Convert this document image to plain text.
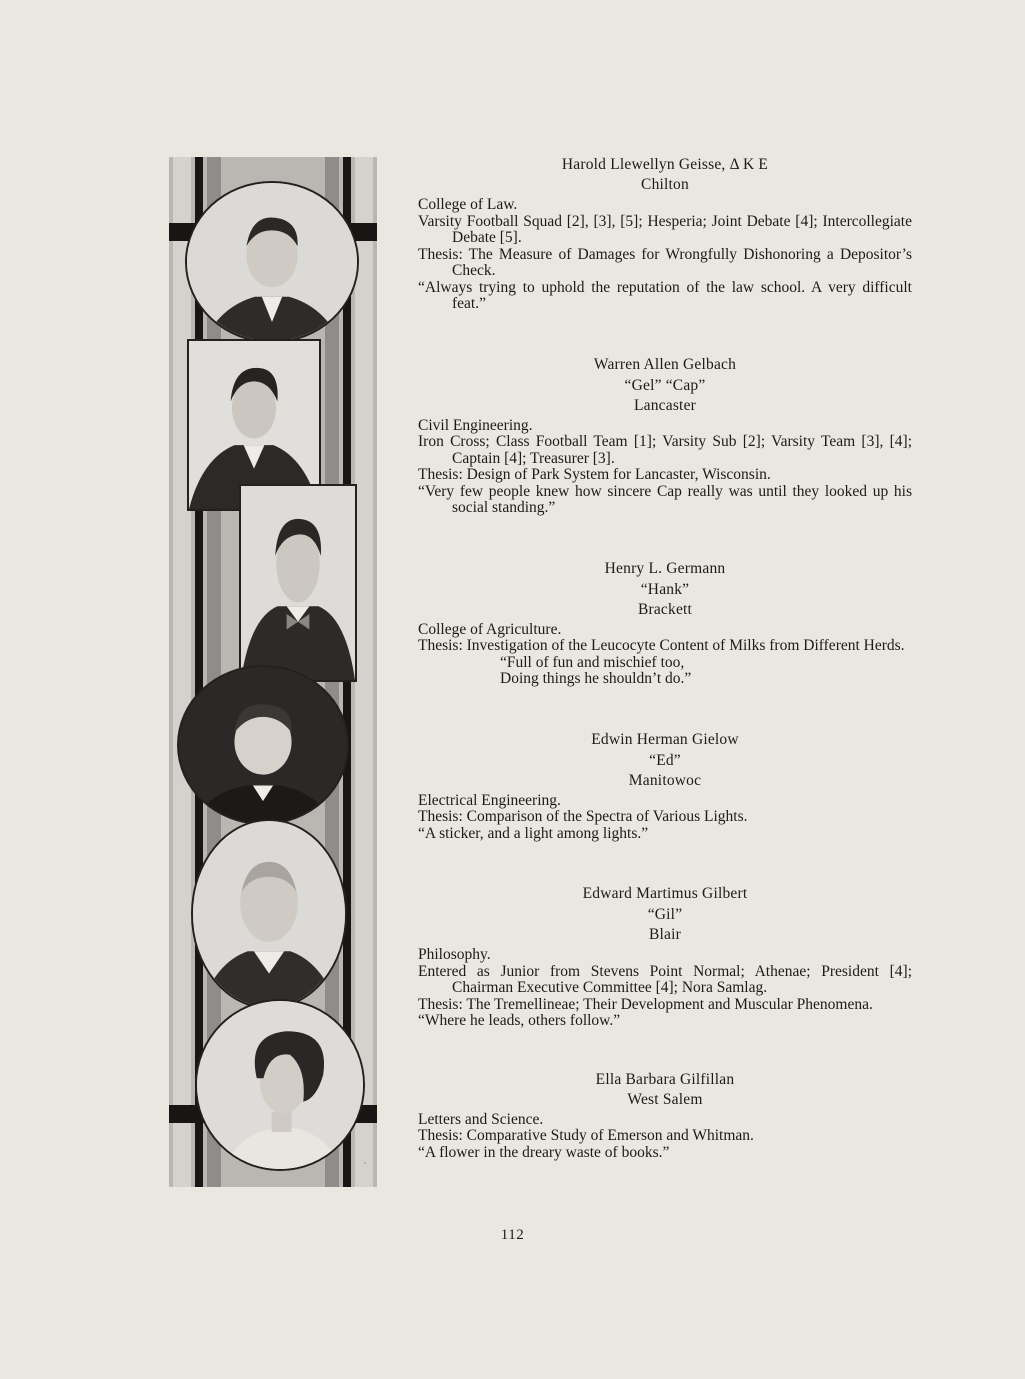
◦

Harold Llewellyn Geisse, Δ K E

Chilton

College of Law.

Varsity Football Squad [2], [3], [5]; Hesperia; Joint Debate [4]; Intercollegiate Debate [5].

Thesis: The Measure of Damages for Wrongfully Dishonoring a Depositor’s Check.

“Always trying to uphold the reputation of the law school. A very difficult feat.”

Warren Allen Gelbach

“Gel” “Cap”

Lancaster

Civil Engineering.

Iron Cross; Class Football Team [1]; Varsity Sub [2]; Varsity Team [3], [4]; Captain [4]; Treasurer [3].

Thesis: Design of Park System for Lancaster, Wisconsin.

“Very few people knew how sincere Cap really was until they looked up his social standing.”

Henry L. Germann

“Hank”

Brackett

College of Agriculture.

Thesis: Investigation of the Leucocyte Content of Milks from Different Herds.

“Full of fun and mischief too,

Doing things he shouldn’t do.”

Edwin Herman Gielow

“Ed”

Manitowoc

Electrical Engineering.

Thesis: Comparison of the Spectra of Various Lights.

“A sticker, and a light among lights.”

Edward Martimus Gilbert

“Gil”

Blair

Philosophy.

Entered as Junior from Stevens Point Normal; Athenae; President [4]; Chairman Executive Committee [4]; Nora Samlag.

Thesis: The Tremellineae; Their Development and Muscular Phenomena.

“Where he leads, others follow.”

Ella Barbara Gilfillan

West Salem

Letters and Science.

Thesis: Comparative Study of Emerson and Whitman.

“A flower in the dreary waste of books.”

112
